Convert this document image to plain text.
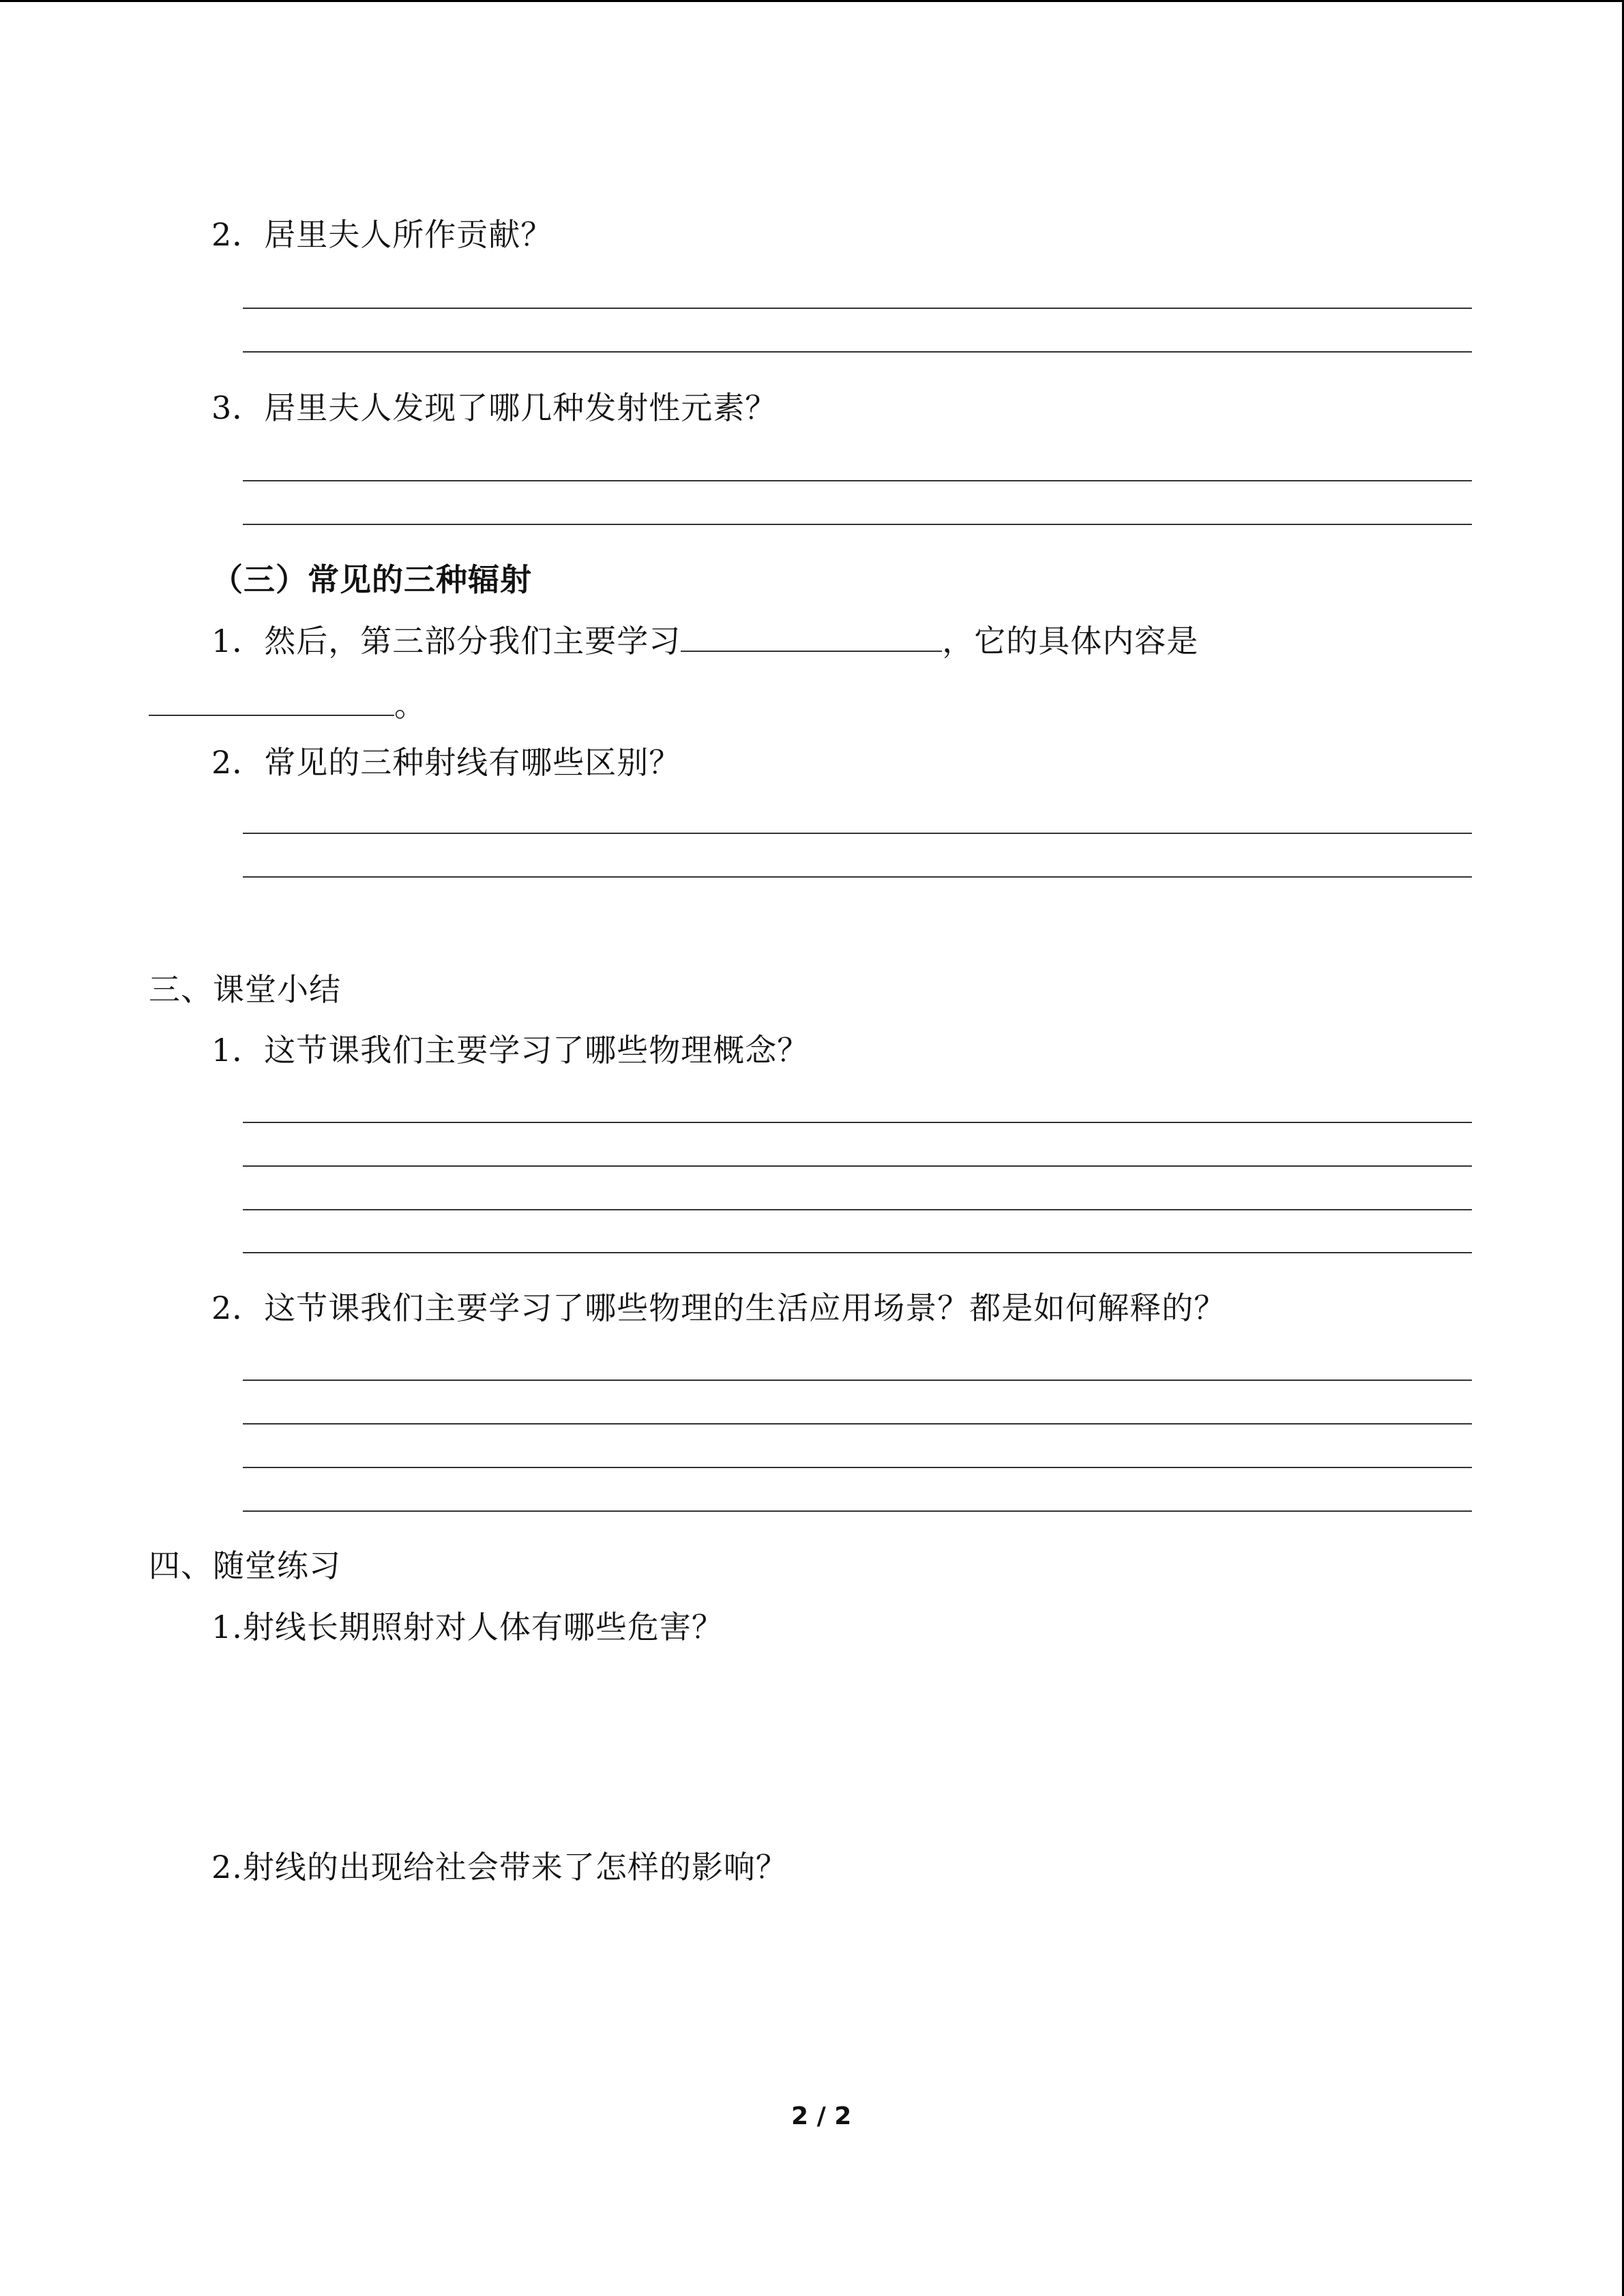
2．居里夫人所作贡献？
3．居里夫人发现了哪几种发射性元素？
（三）常见的三种辐射
1．然后，第三部分我们主要学习	，它的具体内容是
。
2．常见的三种射线有哪些区别？
三、课堂小结
1．这节课我们主要学习了哪些物理概念？
2．这节课我们主要学习了哪些物理的生活应用场景？都是如何解释的？
四、随堂练习
1.射线长期照射对人体有哪些危害？
2.射线的出现给社会带来了怎样的影响？
2 / 2
